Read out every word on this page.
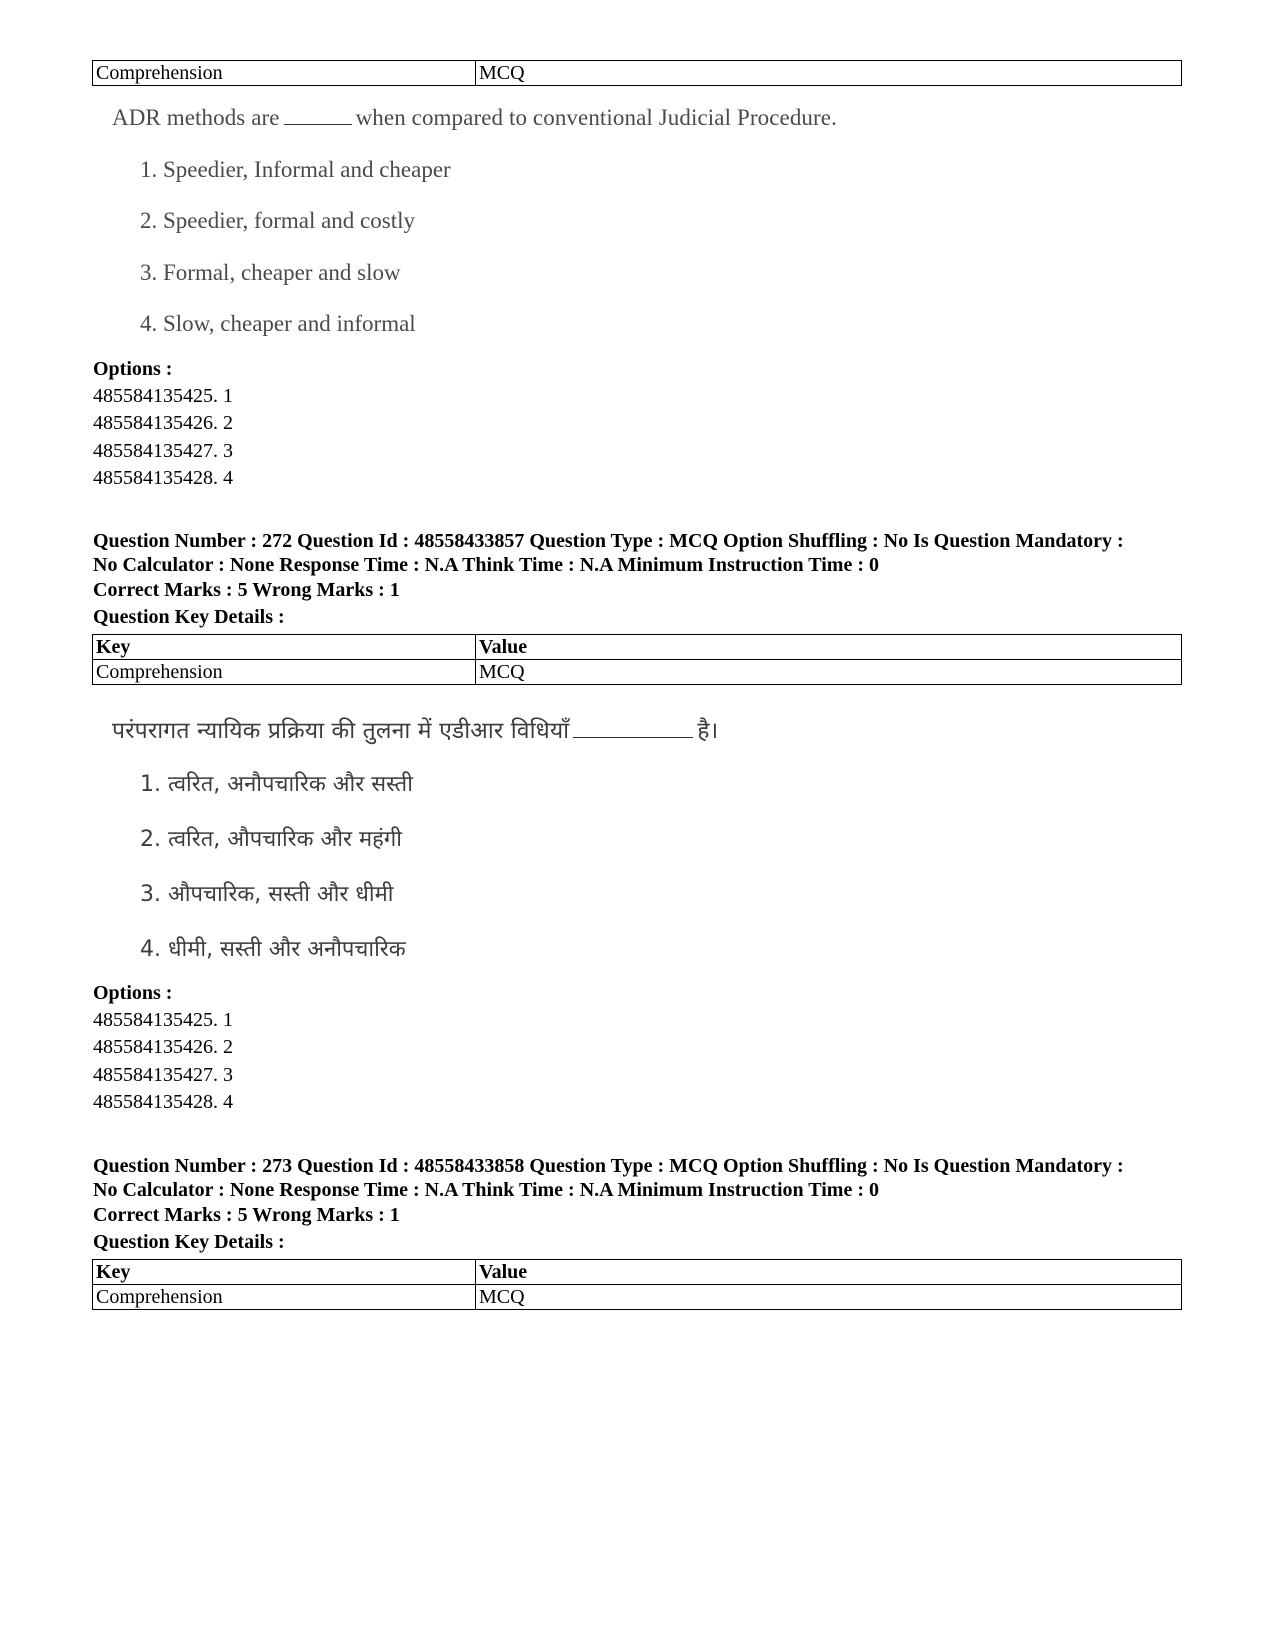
Comprehension	MCQ
ADR methods are	when compared to conventional Judicial Procedure.
1. Speedier, Informal and cheaper
2. Speedier, formal and costly
3. Formal, cheaper and slow
4. Slow, cheaper and informal
Options :
485584135425. 1
485584135426. 2
485584135427. 3
485584135428. 4
Question Number : 272 Question Id : 48558433857 Question Type : MCQ Option Shuffling : No Is Question Mandatory :
No Calculator : None Response Time : N.A Think Time : N.A Minimum Instruction Time : 0
Correct Marks : 5 Wrong Marks : 1
Question Key Details :
Key	Value
Comprehension	MCQ
परंपरागत न्यायिक प्रक्रिया की तुलना में एडीआर विधियाँ	है।
1. त्वरित, अनौपचारिक और सस्ती
2. त्वरित, औपचारिक और महंगी
3. औपचारिक, सस्ती और धीमी
4. धीमी, सस्ती और अनौपचारिक
Options :
485584135425. 1
485584135426. 2
485584135427. 3
485584135428. 4
Question Number : 273 Question Id : 48558433858 Question Type : MCQ Option Shuffling : No Is Question Mandatory :
No Calculator : None Response Time : N.A Think Time : N.A Minimum Instruction Time : 0
Correct Marks : 5 Wrong Marks : 1
Question Key Details :
Key	Value
Comprehension	MCQ
